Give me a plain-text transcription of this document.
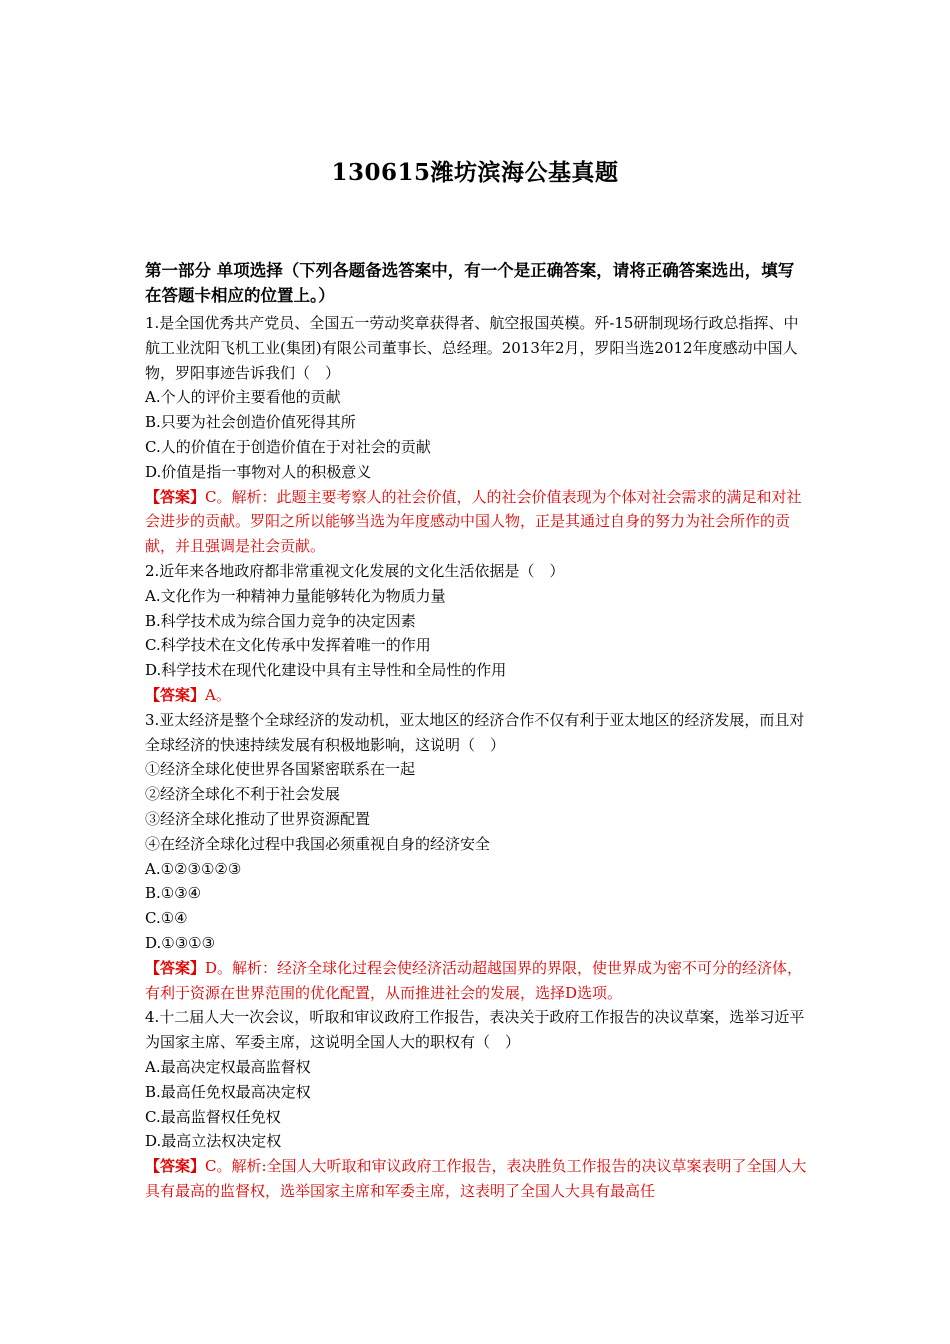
130615潍坊滨海公基真题
第一部分 单项选择（下列各题备选答案中，有一个是正确答案，请将正确答案选出，填写在答题卡相应的位置上。）

1.是全国优秀共产党员、全国五一劳动奖章获得者、航空报国英模。歼-15研制现场行政总指挥、中航工业沈阳飞机工业(集团)有限公司董事长、总经理。2013年2月，罗阳当选2012年度感动中国人物，罗阳事迹告诉我们（　）

A.个人的评价主要看他的贡献

B.只要为社会创造价值死得其所

C.人的价值在于创造价值在于对社会的贡献

D.价值是指一事物对人的积极意义

【答案】C。解析：此题主要考察人的社会价值，人的社会价值表现为个体对社会需求的满足和对社会进步的贡献。罗阳之所以能够当选为年度感动中国人物，正是其通过自身的努力为社会所作的贡献，并且强调是社会贡献。

2.近年来各地政府都非常重视文化发展的文化生活依据是（　）

A.文化作为一种精神力量能够转化为物质力量

B.科学技术成为综合国力竞争的决定因素

C.科学技术在文化传承中发挥着唯一的作用

D.科学技术在现代化建设中具有主导性和全局性的作用

【答案】A。

3.亚太经济是整个全球经济的发动机，亚太地区的经济合作不仅有利于亚太地区的经济发展，而且对全球经济的快速持续发展有积极地影响，这说明（　）

①经济全球化使世界各国紧密联系在一起

②经济全球化不利于社会发展

③经济全球化推动了世界资源配置

④在经济全球化过程中我国必须重视自身的经济安全

A.①②③①②③

B.①③④

C.①④

D.①③①③

【答案】D。解析：经济全球化过程会使经济活动超越国界的界限，使世界成为密不可分的经济体，有利于资源在世界范围的优化配置，从而推进社会的发展，选择D选项。

4.十二届人大一次会议，听取和审议政府工作报告，表决关于政府工作报告的决议草案，选举习近平为国家主席、军委主席，这说明全国人大的职权有（　）

A.最高决定权最高监督权

B.最高任免权最高决定权

C.最高监督权任免权

D.最高立法权决定权

【答案】C。解析:全国人大听取和审议政府工作报告，表决胜负工作报告的决议草案表明了全国人大具有最高的监督权，选举国家主席和军委主席，这表明了全国人大具有最高任
